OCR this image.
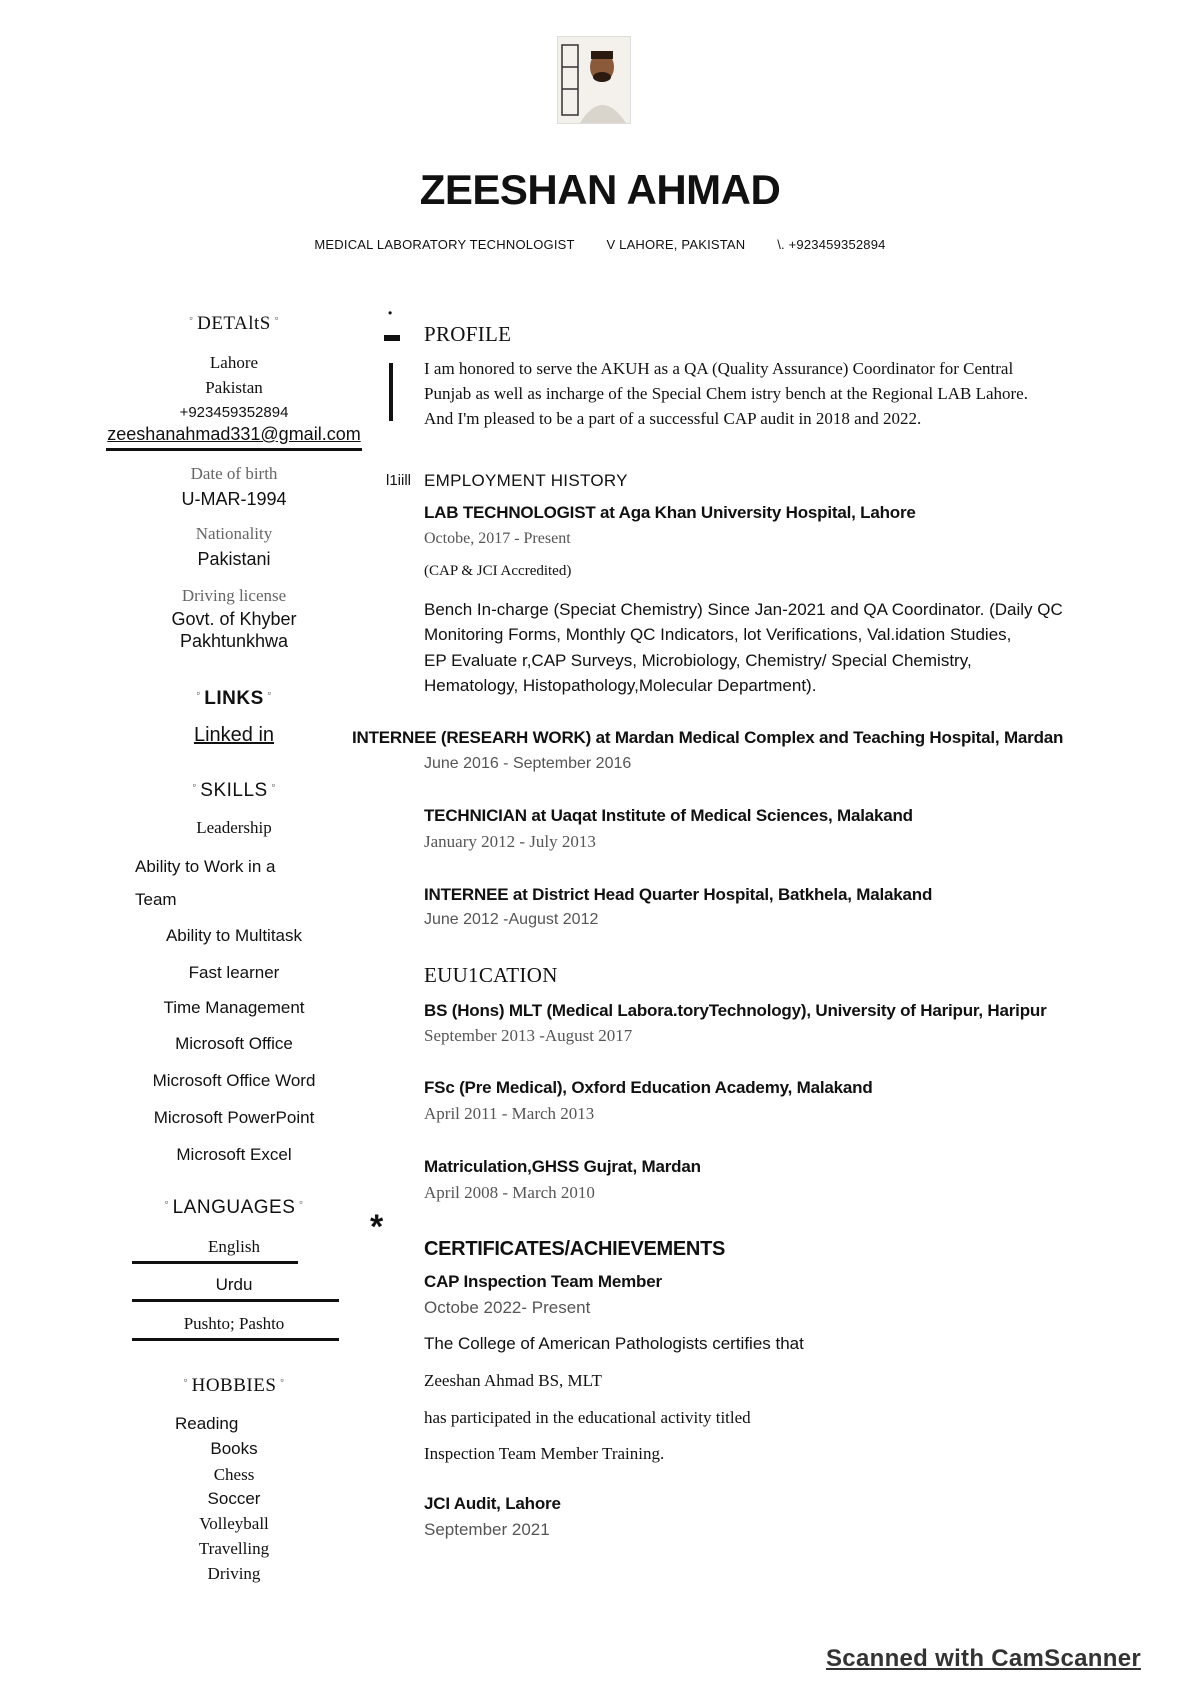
ZEESHAN AHMAD
MEDICAL LABORATORY TECHNOLOGIST V LAHORE, PAKISTAN \. +923459352894
▫ DETAltS ▫
Lahore
Pakistan
+923459352894
zeeshanahmad331@gmail.com
Date of birth
U-MAR-1994
Nationality
Pakistani
Driving license
Govt. of Khyber
Pakhtunkhwa
▫ LINKS ▫
Linked in
▫ SKILLS ▫
Leadership
Ability to Work in a
Team
Ability to Multitask
Fast learner
Time Management
Microsoft Office
Microsoft Office Word
Microsoft PowerPoint
Microsoft Excel
▫ LANGUAGES ▫
English
Urdu
Pushto; Pashto
▫ HOBBIES ▫
Reading
Books
Chess
Soccer
Volleyball
Travelling
Driving
•
PROFILE
I am honored to serve the AKUH as a QA (Quality Assurance) Coordinator for Central
Punjab as well as incharge of the Special Chem istry bench at the Regional LAB Lahore.
And I'm pleased to be a part of a successful CAP audit in 2018 and 2022.
l1iill EMPLOYMENT HISTORY
LAB TECHNOLOGIST at Aga Khan University Hospital, Lahore
Octobe, 2017 - Present
(CAP & JCI Accredited)
Bench In-charge (Speciat Chemistry) Since Jan-2021 and QA Coordinator. (Daily QC
Monitoring Forms, Monthly QC Indicators, lot Verifications, Val.idation Studies,
EP Evaluate r,CAP Surveys, Microbiology, Chemistry/ Special Chemistry,
Hematology, Histopathology,Molecular Department).
INTERNEE (RESEARH WORK) at Mardan Medical Complex and Teaching Hospital, Mardan
June 2016 - September 2016
TECHNICIAN at Uaqat Institute of Medical Sciences, Malakand
January 2012 - July 2013
INTERNEE at District Head Quarter Hospital, Batkhela, Malakand
June 2012 -August 2012
EUU1CATION
BS (Hons) MLT (Medical Labora.toryTechnology), University of Haripur, Haripur
September 2013 -August 2017
FSc (Pre Medical), Oxford Education Academy, Malakand
April 2011 - March 2013
Matriculation,GHSS Gujrat, Mardan
April 2008 - March 2010
*
CERTIFICATES/ACHIEVEMENTS
CAP Inspection Team Member
Octobe 2022- Present
The College of American Pathologists certifies that
Zeeshan Ahmad BS, MLT
has participated in the educational activity titled
Inspection Team Member Training.
JCI Audit, Lahore
September 2021
Scanned with CamScanner
